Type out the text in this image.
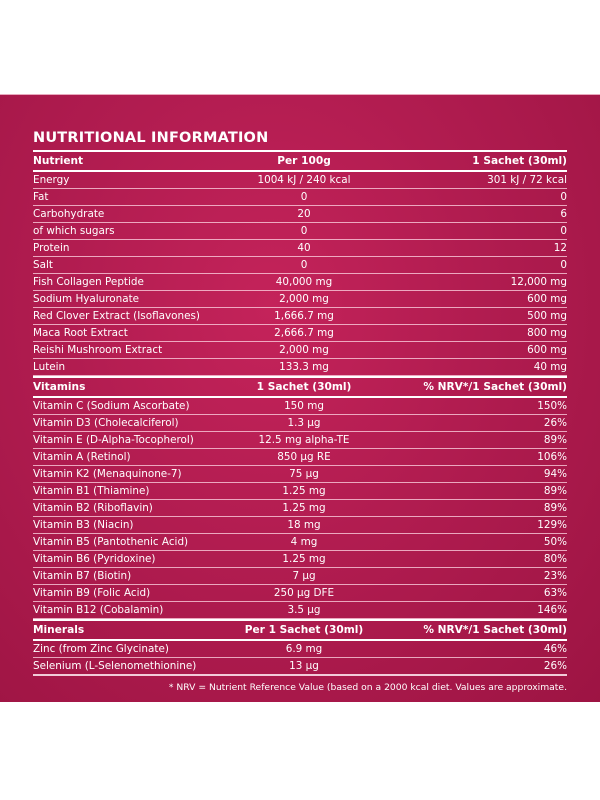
NUTRITIONAL INFORMATION
Nutrient	Per 100g	1 Sachet (30ml)
Energy	1004 kJ / 240 kcal	301 kJ / 72 kcal
Fat	0	0
Carbohydrate	20	6
of which sugars	0	0
Protein	40	12
Salt	0	0
Fish Collagen Peptide	40,000 mg	12,000 mg
Sodium Hyaluronate	2,000 mg	600 mg
Red Clover Extract (Isoflavones)	1,666.7 mg	500 mg
Maca Root Extract	2,666.7 mg	800 mg
Reishi Mushroom Extract	2,000 mg	600 mg
Lutein	133.3 mg	40 mg
Vitamins	1 Sachet (30ml)	% NRV*/1 Sachet (30ml)
Vitamin C (Sodium Ascorbate)	150 mg	150%
Vitamin D3 (Cholecalciferol)	1.3 µg	26%
Vitamin E (D-Alpha-Tocopherol)	12.5 mg alpha-TE	89%
Vitamin A (Retinol)	850 µg RE	106%
Vitamin K2 (Menaquinone-7)	75 µg	94%
Vitamin B1 (Thiamine)	1.25 mg	89%
Vitamin B2 (Riboflavin)	1.25 mg	89%
Vitamin B3 (Niacin)	18 mg	129%
Vitamin B5 (Pantothenic Acid)	4 mg	50%
Vitamin B6 (Pyridoxine)	1.25 mg	80%
Vitamin B7 (Biotin)	7 µg	23%
Vitamin B9 (Folic Acid)	250 µg DFE	63%
Vitamin B12 (Cobalamin)	3.5 µg	146%
Minerals	Per 1 Sachet (30ml)	% NRV*/1 Sachet (30ml)
Zinc (from Zinc Glycinate)	6.9 mg	46%
Selenium (L-Selenomethionine)	13 µg	26%
* NRV = Nutrient Reference Value (based on a 2000 kcal diet. Values are approximate.
